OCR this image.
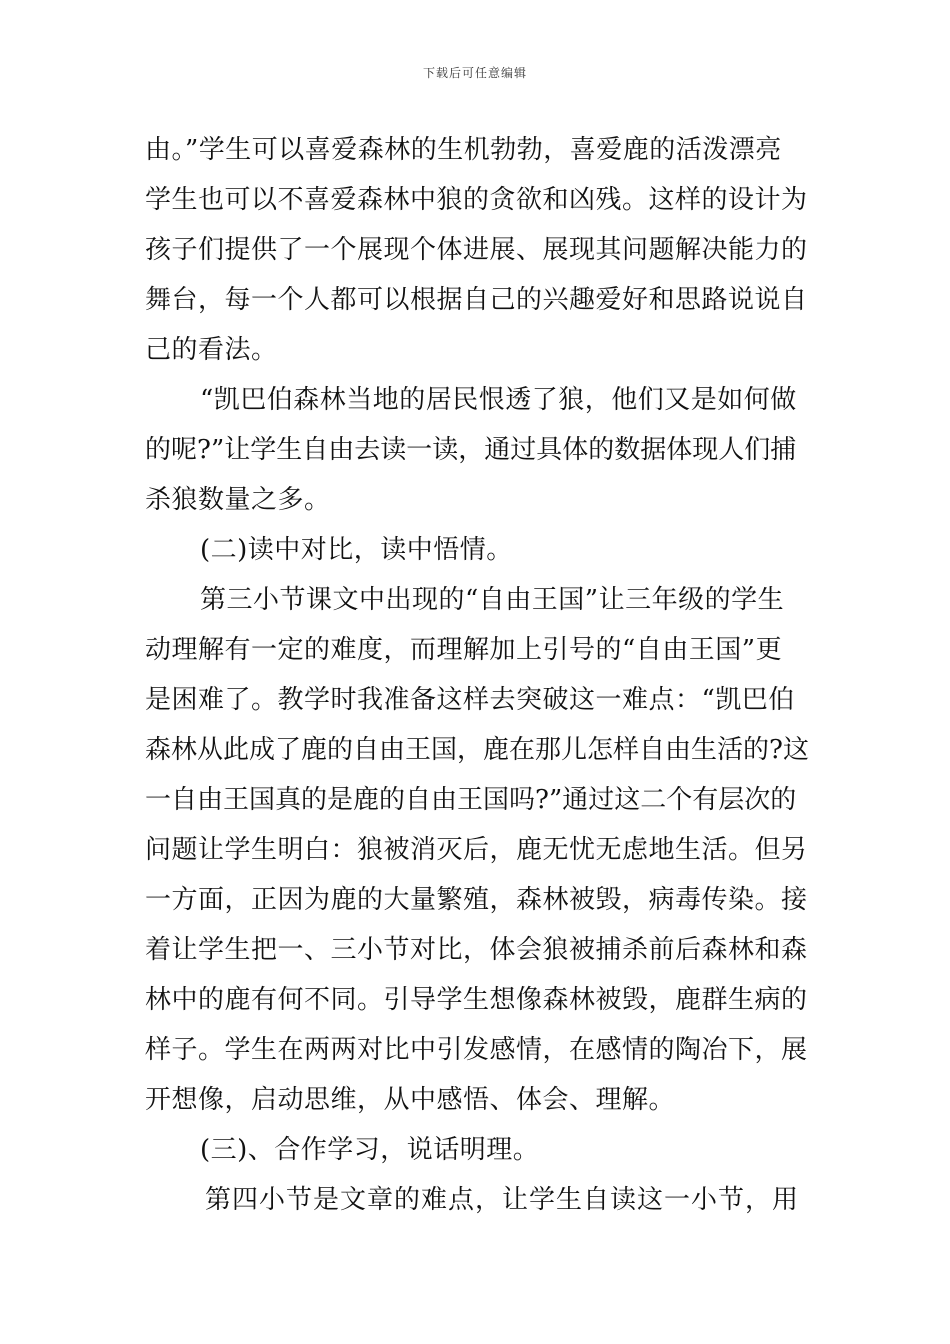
下载后可任意编辑
由。”学生可以喜爱森林的生机勃勃，喜爱鹿的活泼漂亮
学生也可以不喜爱森林中狼的贪欲和凶残。这样的设计为
孩子们提供了一个展现个体进展、展现其问题解决能力的
舞台，每一个人都可以根据自己的兴趣爱好和思路说说自
己的看法。
“凯巴伯森林当地的居民恨透了狼，他们又是如何做
的呢?”让学生自由去读一读，通过具体的数据体现人们捕
杀狼数量之多。
(二)读中对比，读中悟情。
第三小节课文中出现的“自由王国”让三年级的学生
动理解有一定的难度，而理解加上引号的“自由王国”更
是困难了。教学时我准备这样去突破这一难点：“凯巴伯
森林从此成了鹿的自由王国，鹿在那儿怎样自由生活的?这
一自由王国真的是鹿的自由王国吗?”通过这二个有层次的
问题让学生明白：狼被消灭后，鹿无忧无虑地生活。但另
一方面，正因为鹿的大量繁殖，森林被毁，病毒传染。接
着让学生把一、三小节对比，体会狼被捕杀前后森林和森
林中的鹿有何不同。引导学生想像森林被毁，鹿群生病的
样子。学生在两两对比中引发感情，在感情的陶冶下，展
开想像，启动思维，从中感悟、体会、理解。
(三)、合作学习，说话明理。
第四小节是文章的难点，让学生自读这一小节，用
